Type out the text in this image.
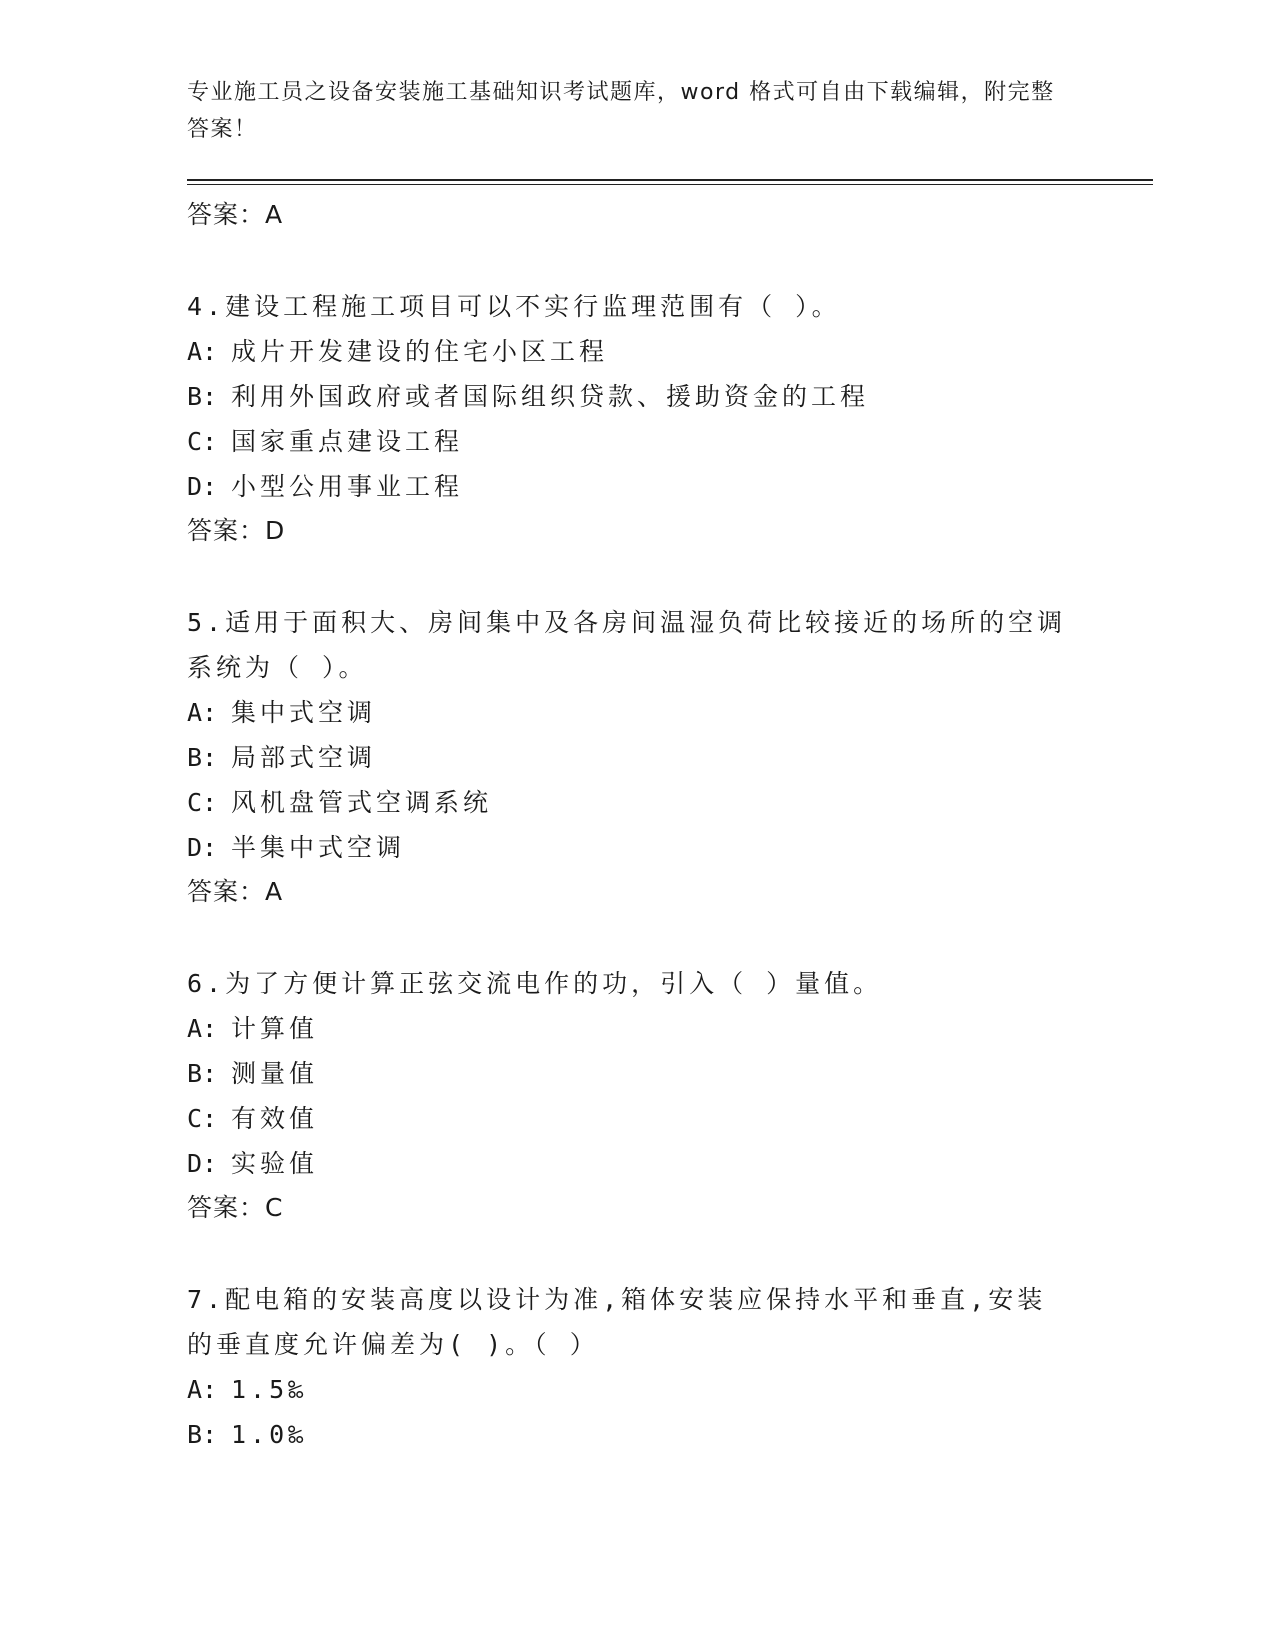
专业施工员之设备安装施工基础知识考试题库，word 格式可自由下载编辑，附完整答案！

答案：A

4.建设工程施工项目可以不实行监理范围有（ ）。

A: 成片开发建设的住宅小区工程

B: 利用外国政府或者国际组织贷款、援助资金的工程

C: 国家重点建设工程

D: 小型公用事业工程

答案：D

5.适用于面积大、房间集中及各房间温湿负荷比较接近的场所的空调系统为（ ）。

A: 集中式空调

B: 局部式空调

C: 风机盘管式空调系统

D: 半集中式空调

答案：A

6.为了方便计算正弦交流电作的功，引入（ ）量值。

A: 计算值

B: 测量值

C: 有效值

D: 实验值

答案：C

7.配电箱的安装高度以设计为准,箱体安装应保持水平和垂直,安装的垂直度允许偏差为( )。（ ）

A: 1.5‰

B: 1.0‰
